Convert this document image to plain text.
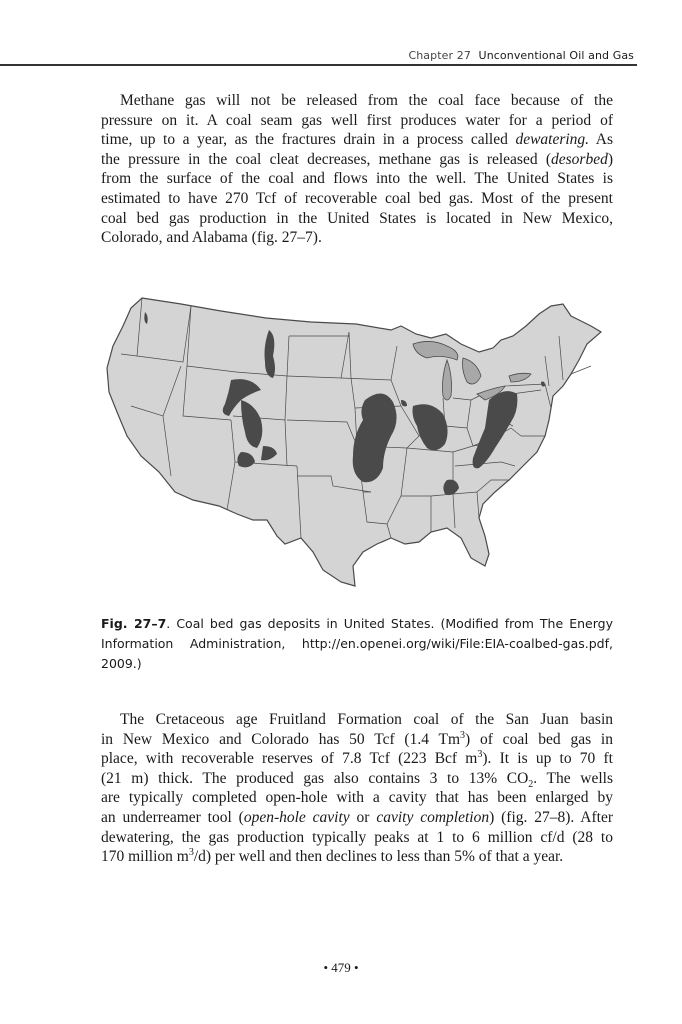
Chapter 27 Unconventional Oil and Gas
Methane gas will not be released from the coal face because of the
pressure on it. A coal seam gas well first produces water for a period of
time, up to a year, as the fractures drain in a process called dewatering. As
the pressure in the coal cleat decreases, methane gas is released (desorbed)
from the surface of the coal and flows into the well. The United States is
estimated to have 270 Tcf of recoverable coal bed gas. Most of the present
coal bed gas production in the United States is located in New Mexico,
Colorado, and Alabama (fig. 27–7).
Fig. 27–7. Coal bed gas deposits in United States. (Modified from The Energy
Information Administration, http://en.openei.org/wiki/File:EIA-coalbed-gas.pdf,
2009.)
The Cretaceous age Fruitland Formation coal of the San Juan basin
in New Mexico and Colorado has 50 Tcf (1.4 Tm$^3$) of coal bed gas in
place, with recoverable reserves of 7.8 Tcf (223 Bcf $m^3$). It is up to 70 ft
(21 m) thick. The produced gas also contains 3 to 13% $CO_2$. The wells
are typically completed open-hole with a cavity that has been enlarged by
an underreamer tool (open-hole cavity or cavity completion) (fig. 27–8). After
dewatering, the gas production typically peaks at 1 to 6 million cf/d (28 to
170 million $m^3/d$) per well and then declines to less than 5% of that a year.
• 479 •
